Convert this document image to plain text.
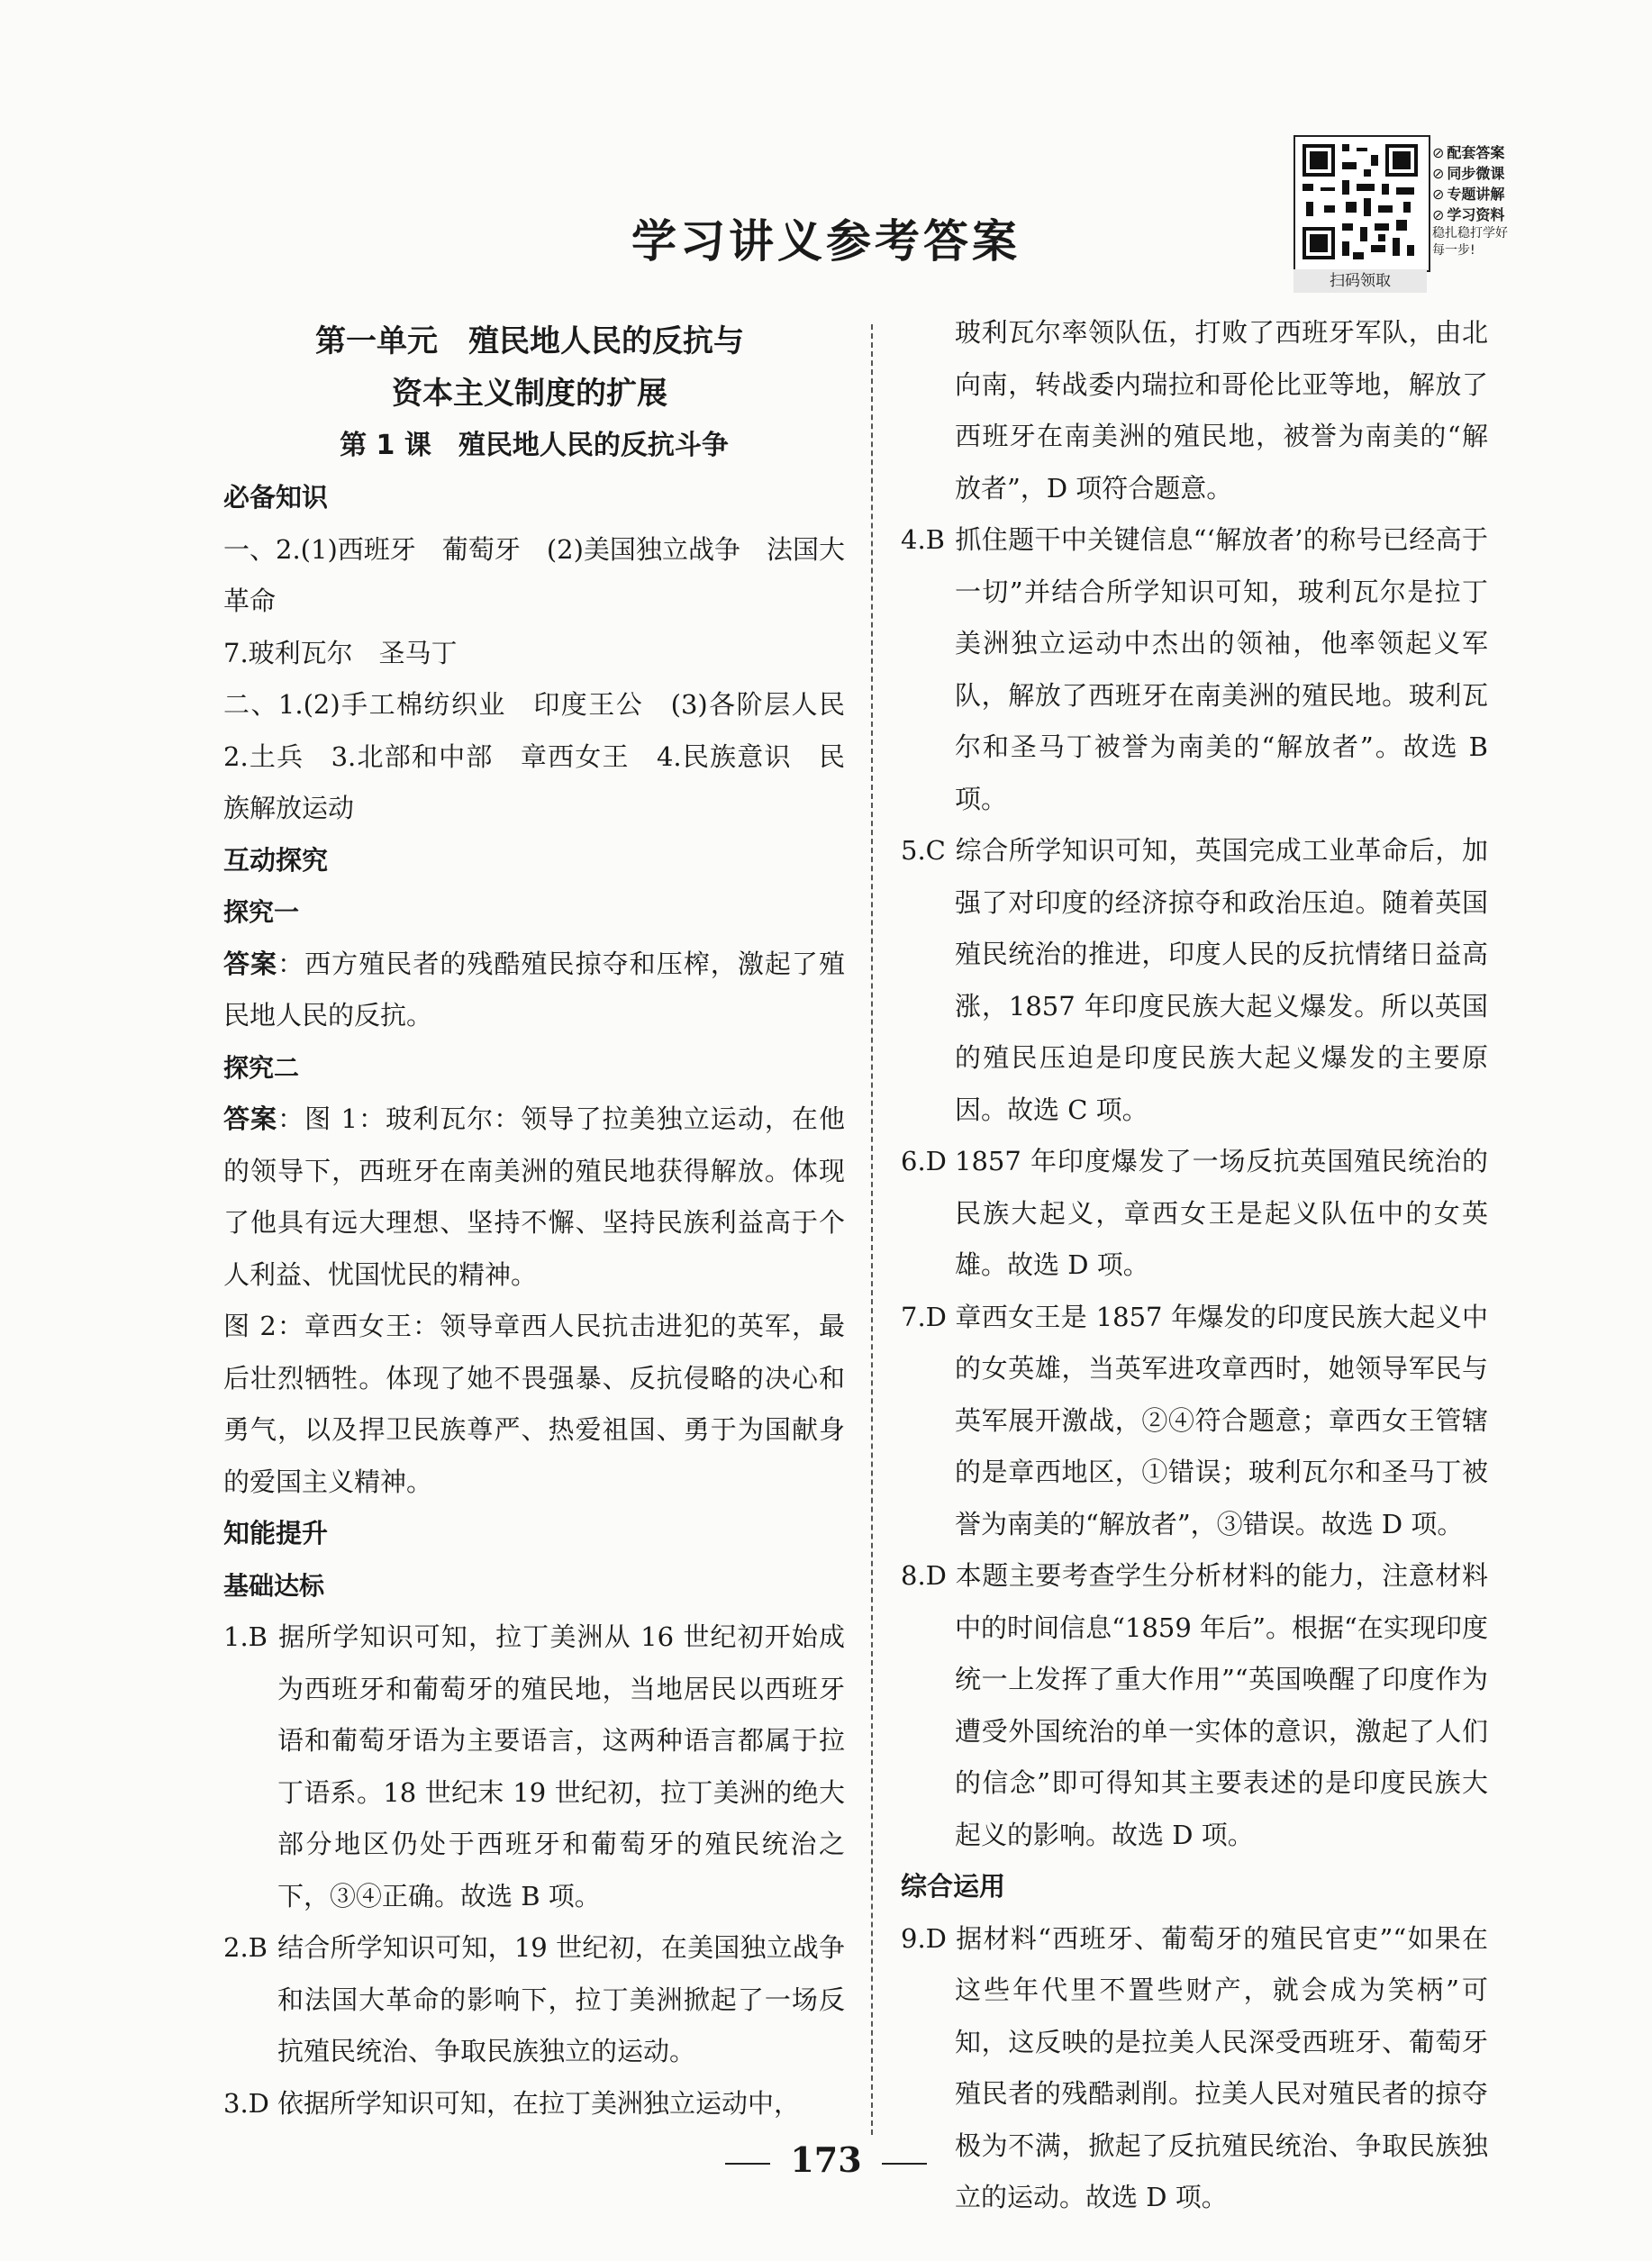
学习讲义参考答案
扫码领取
⊘ 配套答案
⊘ 同步微课
⊘ 专题讲解
⊘ 学习资料
稳扎稳打学好
每一步!
第一单元　殖民地人民的反抗与
资本主义制度的扩展
第 1 课　殖民地人民的反抗斗争
必备知识
一、2.(1)西班牙　葡萄牙　(2)美国独立战争　法国大革命
7.玻利瓦尔　圣马丁
二、1.(2)手工棉纺织业　印度王公　(3)各阶层人民　2.土兵　3.北部和中部　章西女王　4.民族意识　民族解放运动
互动探究
探究一
答案：西方殖民者的残酷殖民掠夺和压榨，激起了殖民地人民的反抗。
探究二
答案：图 1：玻利瓦尔：领导了拉美独立运动，在他的领导下，西班牙在南美洲的殖民地获得解放。体现了他具有远大理想、坚持不懈、坚持民族利益高于个人利益、忧国忧民的精神。
图 2：章西女王：领导章西人民抗击进犯的英军，最后壮烈牺牲。体现了她不畏强暴、反抗侵略的决心和勇气，以及捍卫民族尊严、热爱祖国、勇于为国献身的爱国主义精神。
知能提升
基础达标
1.B 据所学知识可知，拉丁美洲从 16 世纪初开始成为西班牙和葡萄牙的殖民地，当地居民以西班牙语和葡萄牙语为主要语言，这两种语言都属于拉丁语系。18 世纪末 19 世纪初，拉丁美洲的绝大部分地区仍处于西班牙和葡萄牙的殖民统治之下，③④正确。故选 B 项。
2.B 结合所学知识可知，19 世纪初，在美国独立战争和法国大革命的影响下，拉丁美洲掀起了一场反抗殖民统治、争取民族独立的运动。
3.D 依据所学知识可知，在拉丁美洲独立运动中，
玻利瓦尔率领队伍，打败了西班牙军队，由北向南，转战委内瑞拉和哥伦比亚等地，解放了西班牙在南美洲的殖民地，被誉为南美的“解放者”，D 项符合题意。
4.B 抓住题干中关键信息“‘解放者’的称号已经高于一切”并结合所学知识可知，玻利瓦尔是拉丁美洲独立运动中杰出的领袖，他率领起义军队，解放了西班牙在南美洲的殖民地。玻利瓦尔和圣马丁被誉为南美的“解放者”。故选 B 项。
5.C 综合所学知识可知，英国完成工业革命后，加强了对印度的经济掠夺和政治压迫。随着英国殖民统治的推进，印度人民的反抗情绪日益高涨，1857 年印度民族大起义爆发。所以英国的殖民压迫是印度民族大起义爆发的主要原因。故选 C 项。
6.D 1857 年印度爆发了一场反抗英国殖民统治的民族大起义，章西女王是起义队伍中的女英雄。故选 D 项。
7.D 章西女王是 1857 年爆发的印度民族大起义中的女英雄，当英军进攻章西时，她领导军民与英军展开激战，②④符合题意；章西女王管辖的是章西地区，①错误；玻利瓦尔和圣马丁被誉为南美的“解放者”，③错误。故选 D 项。
8.D 本题主要考查学生分析材料的能力，注意材料中的时间信息“1859 年后”。根据“在实现印度统一上发挥了重大作用”“英国唤醒了印度作为遭受外国统治的单一实体的意识，激起了人们的信念”即可得知其主要表述的是印度民族大起义的影响。故选 D 项。
综合运用
9.D 据材料“西班牙、葡萄牙的殖民官吏”“如果在这些年代里不置些财产，就会成为笑柄”可知，这反映的是拉美人民深受西班牙、葡萄牙殖民者的残酷剥削。拉美人民对殖民者的掠夺极为不满，掀起了反抗殖民统治、争取民族独立的运动。故选 D 项。
173
